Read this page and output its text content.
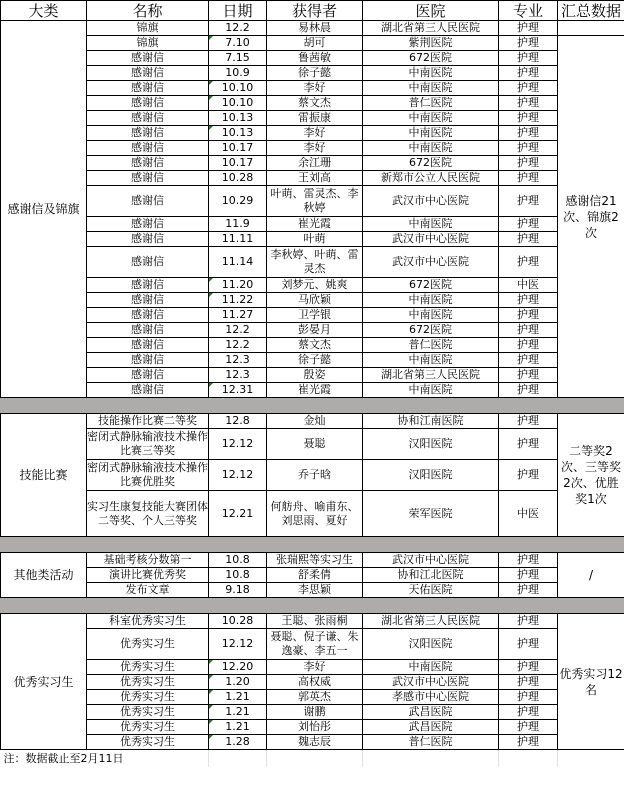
大类	名称	日期	获得者	医院	专业	汇总数据
感谢信及锦旗	锦旗	12.2	易林晨	湖北省第三人民医院	护理	
	锦旗	7.10	胡可	紫荆医院	护理	感谢信21次、锦旗2次
	感谢信	7.15	鲁茜敏	672医院	护理	
	感谢信	10.9	徐子懿	中南医院	护理	
	感谢信	10.10	李好	中南医院	护理	
	感谢信	10.10	蔡文杰	普仁医院	护理	
	感谢信	10.13	雷振康	中南医院	护理	
	感谢信	10.13	李好	中南医院	护理	
	感谢信	10.17	李好	中南医院	护理	
	感谢信	10.17	余江珊	672医院	护理	
	感谢信	10.28	王刘高	新郑市公立人民医院	护理	
	感谢信	10.29	叶萌、雷灵杰、李秋婷	武汉市中心医院	护理	
	感谢信	11.9	崔光霞	中南医院	护理	
	感谢信	11.11	叶萌	武汉市中心医院	护理	
	感谢信	11.14	李秋婷、叶萌、雷灵杰	武汉市中心医院	护理	
	感谢信	11.20	刘梦元、姚爽	672医院	中医	
	感谢信	11.22	马欣颖	中南医院	护理	
	感谢信	11.27	卫学银	中南医院	护理	
	感谢信	12.2	彭晏月	672医院	护理	
	感谢信	12.2	蔡文杰	普仁医院	护理	
	感谢信	12.3	徐子懿	中南医院	护理	
	感谢信	12.3	殷姿	湖北省第三人民医院	护理	
	感谢信	12.31	崔光霞	中南医院	护理	

技能比赛	技能操作比赛二等奖	12.8	金灿	协和江南医院	护理	二等奖2次、三等奖2次、优胜奖1次
	密闭式静脉输液技术操作比赛三等奖	12.12	聂聪	汉阳医院	护理	
	密闭式静脉输液技术操作比赛优胜奖	12.12	乔子晗	汉阳医院	护理	
	实习生康复技能大赛团体二等奖、个人三等奖	12.21	何舫舟、喻甫东、刘思雨、夏好	荣军医院	中医	

其他类活动	基础考核分数第一	10.8	张瑞熙等实习生	武汉市中心医院	护理	/
	演讲比赛优秀奖	10.8	舒柔倩	协和江北医院	护理	
	发布文章	9.18	李思颖	天佑医院	护理	

优秀实习生	科室优秀实习生	10.28	王聪、张雨桐	湖北省第三人民医院	护理	优秀实习12名
	优秀实习生	12.12	聂聪、倪子谦、朱逸豪、李五一	汉阳医院	护理	
	优秀实习生	12.20	李好	中南医院	护理	
	优秀实习生	1.20	高权威	武汉市中心医院	护理	
	优秀实习生	1.21	郭英杰	孝感市中心医院	护理	
	优秀实习生	1.21	谢鹏	武昌医院	护理	
	优秀实习生	1.21	刘怡彤	武昌医院	护理	
	优秀实习生	1.28	魏志辰	普仁医院	护理	
注：数据截止至2月11日						
